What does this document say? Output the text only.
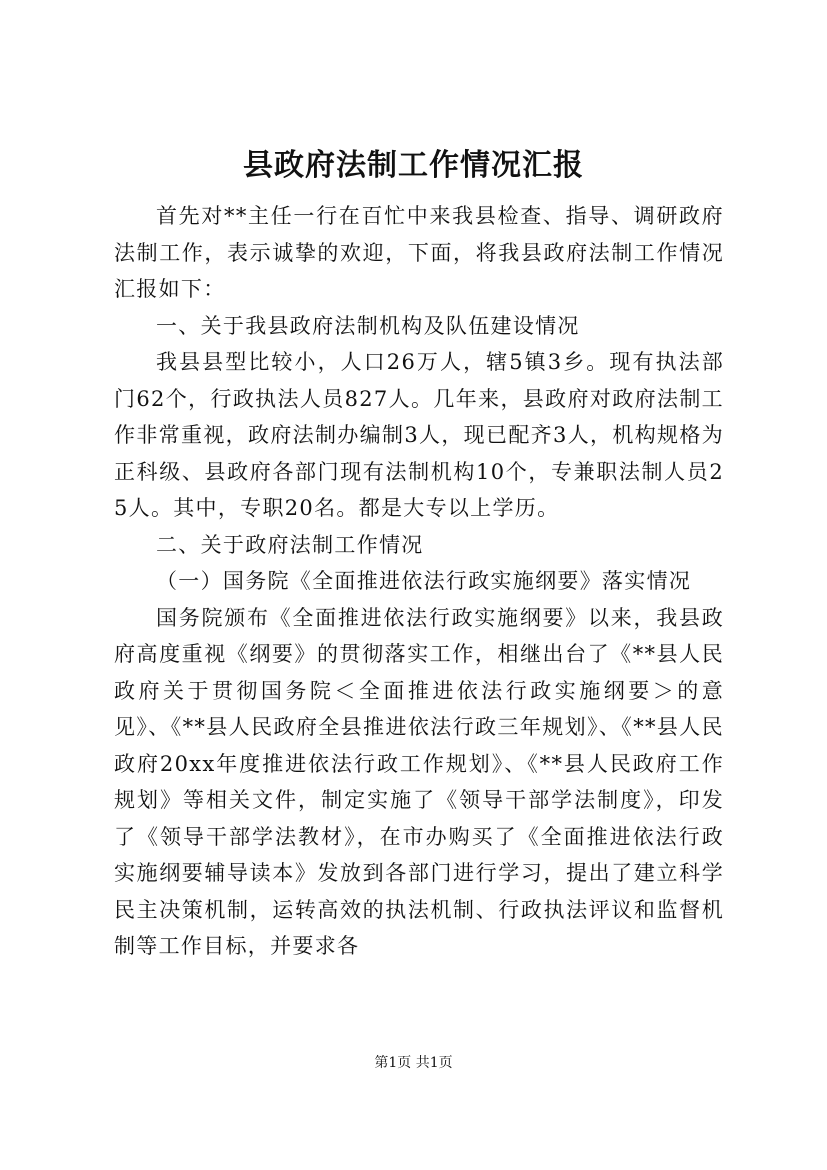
县政府法制工作情况汇报

首先对**主任一行在百忙中来我县检查、指导、调研政府法制工作，表示诚挚的欢迎，下面，将我县政府法制工作情况汇报如下：

一、关于我县政府法制机构及队伍建设情况

我县县型比较小，人口26万人，辖5镇3乡。现有执法部门62个，行政执法人员827人。几年来，县政府对政府法制工作非常重视，政府法制办编制3人，现已配齐3人，机构规格为正科级、县政府各部门现有法制机构10个，专兼职法制人员25人。其中，专职20名。都是大专以上学历。

二、关于政府法制工作情况

（一）国务院《全面推进依法行政实施纲要》落实情况

国务院颁布《全面推进依法行政实施纲要》以来，我县政府高度重视《纲要》的贯彻落实工作，相继出台了《**县人民政府关于贯彻国务院＜全面推进依法行政实施纲要＞的意见》、《**县人民政府全县推进依法行政三年规划》、《**县人民政府20xx年度推进依法行政工作规划》、《**县人民政府工作规划》等相关文件，制定实施了《领导干部学法制度》，印发了《领导干部学法教材》，在市办购买了《全面推进依法行政实施纲要辅导读本》发放到各部门进行学习，提出了建立科学民主决策机制，运转高效的执法机制、行政执法评议和监督机制等工作目标，并要求各

第1页 共1页
